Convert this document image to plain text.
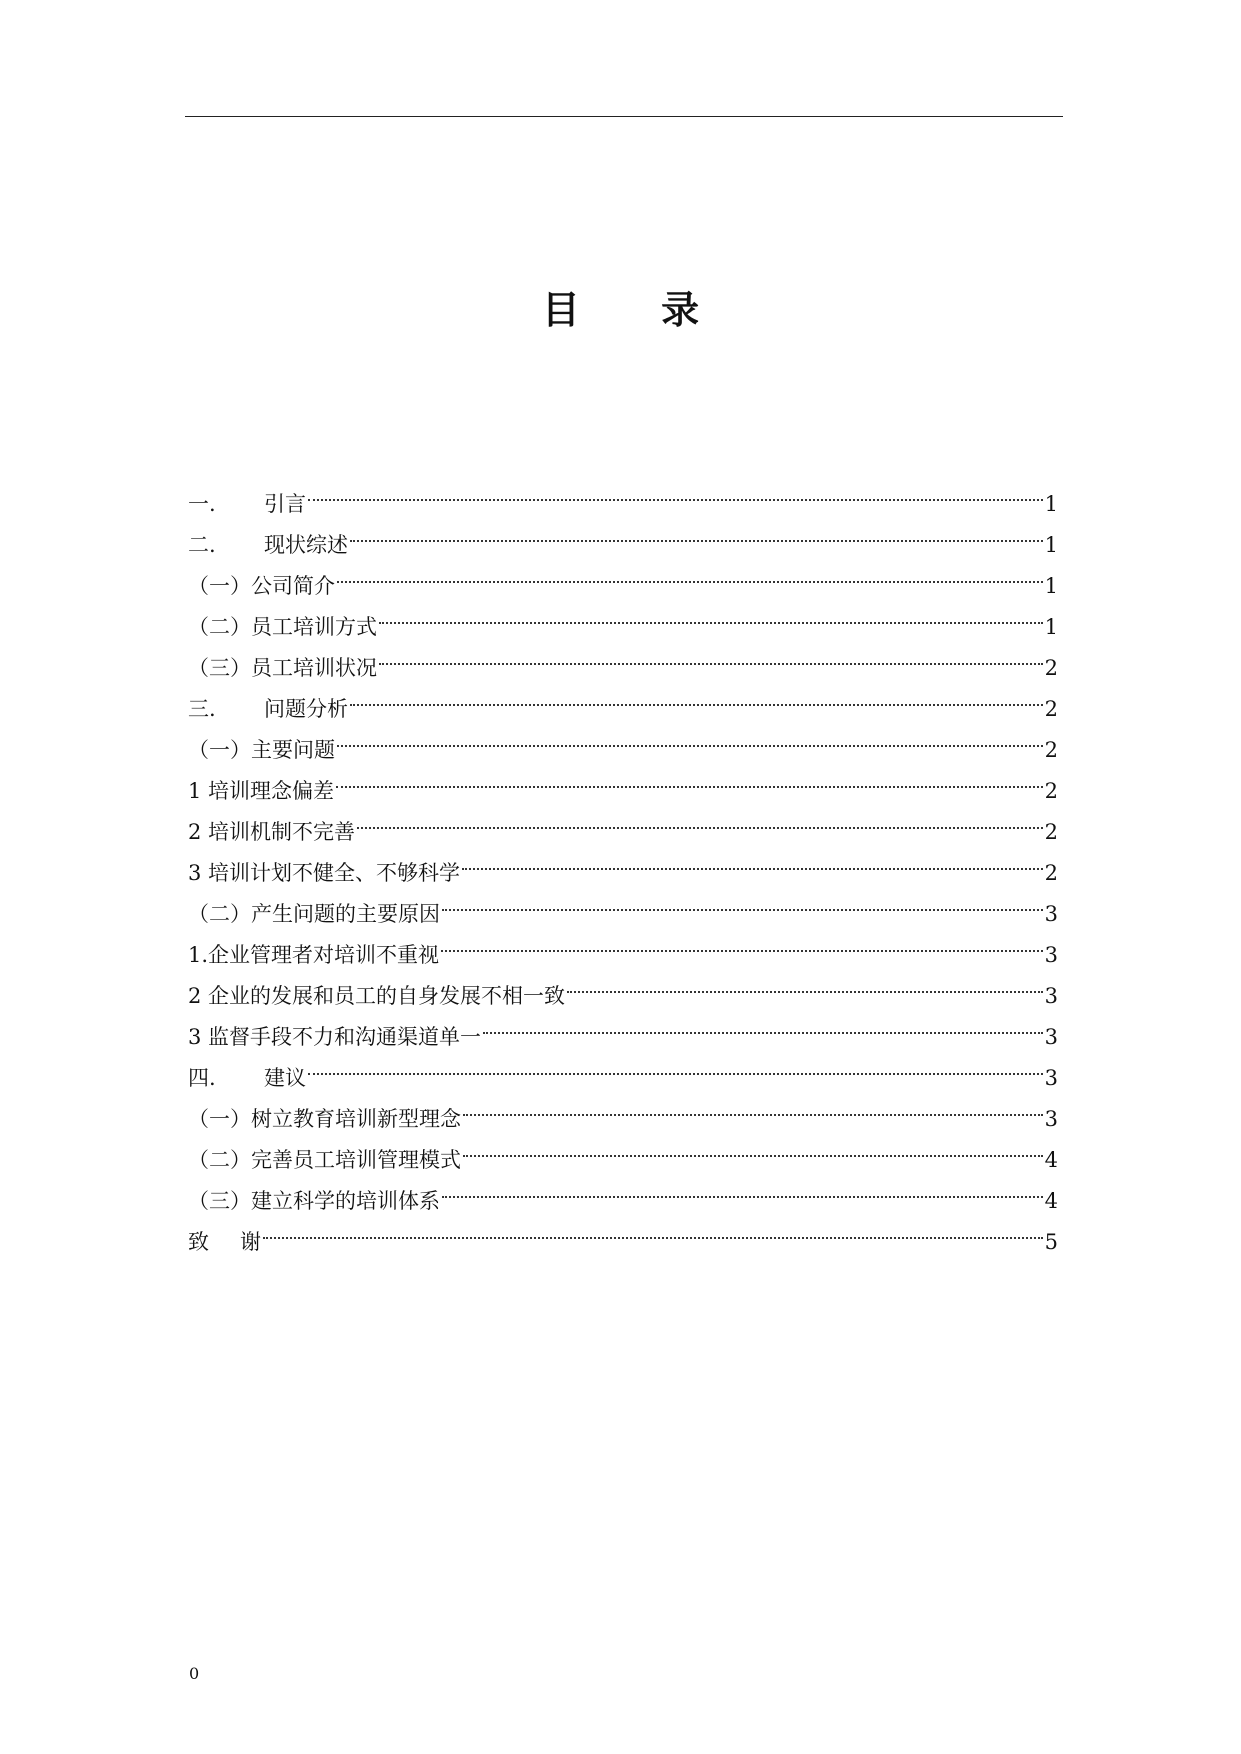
目 录
一.	引言	1
二.	现状综述	1
（一）公司简介	1
（二）员工培训方式	1
（三）员工培训状况	2
三.	问题分析	2
（一）主要问题	2
1 培训理念偏差	2
2 培训机制不完善	2
3 培训计划不健全、不够科学	2
（二）产生问题的主要原因	3
1.企业管理者对培训不重视	3
2 企业的发展和员工的自身发展不相一致	3
3 监督手段不力和沟通渠道单一	3
四.	建议	3
（一）树立教育培训新型理念	3
（二）完善员工培训管理模式	4
（三）建立科学的培训体系	4
致	谢	5
0
